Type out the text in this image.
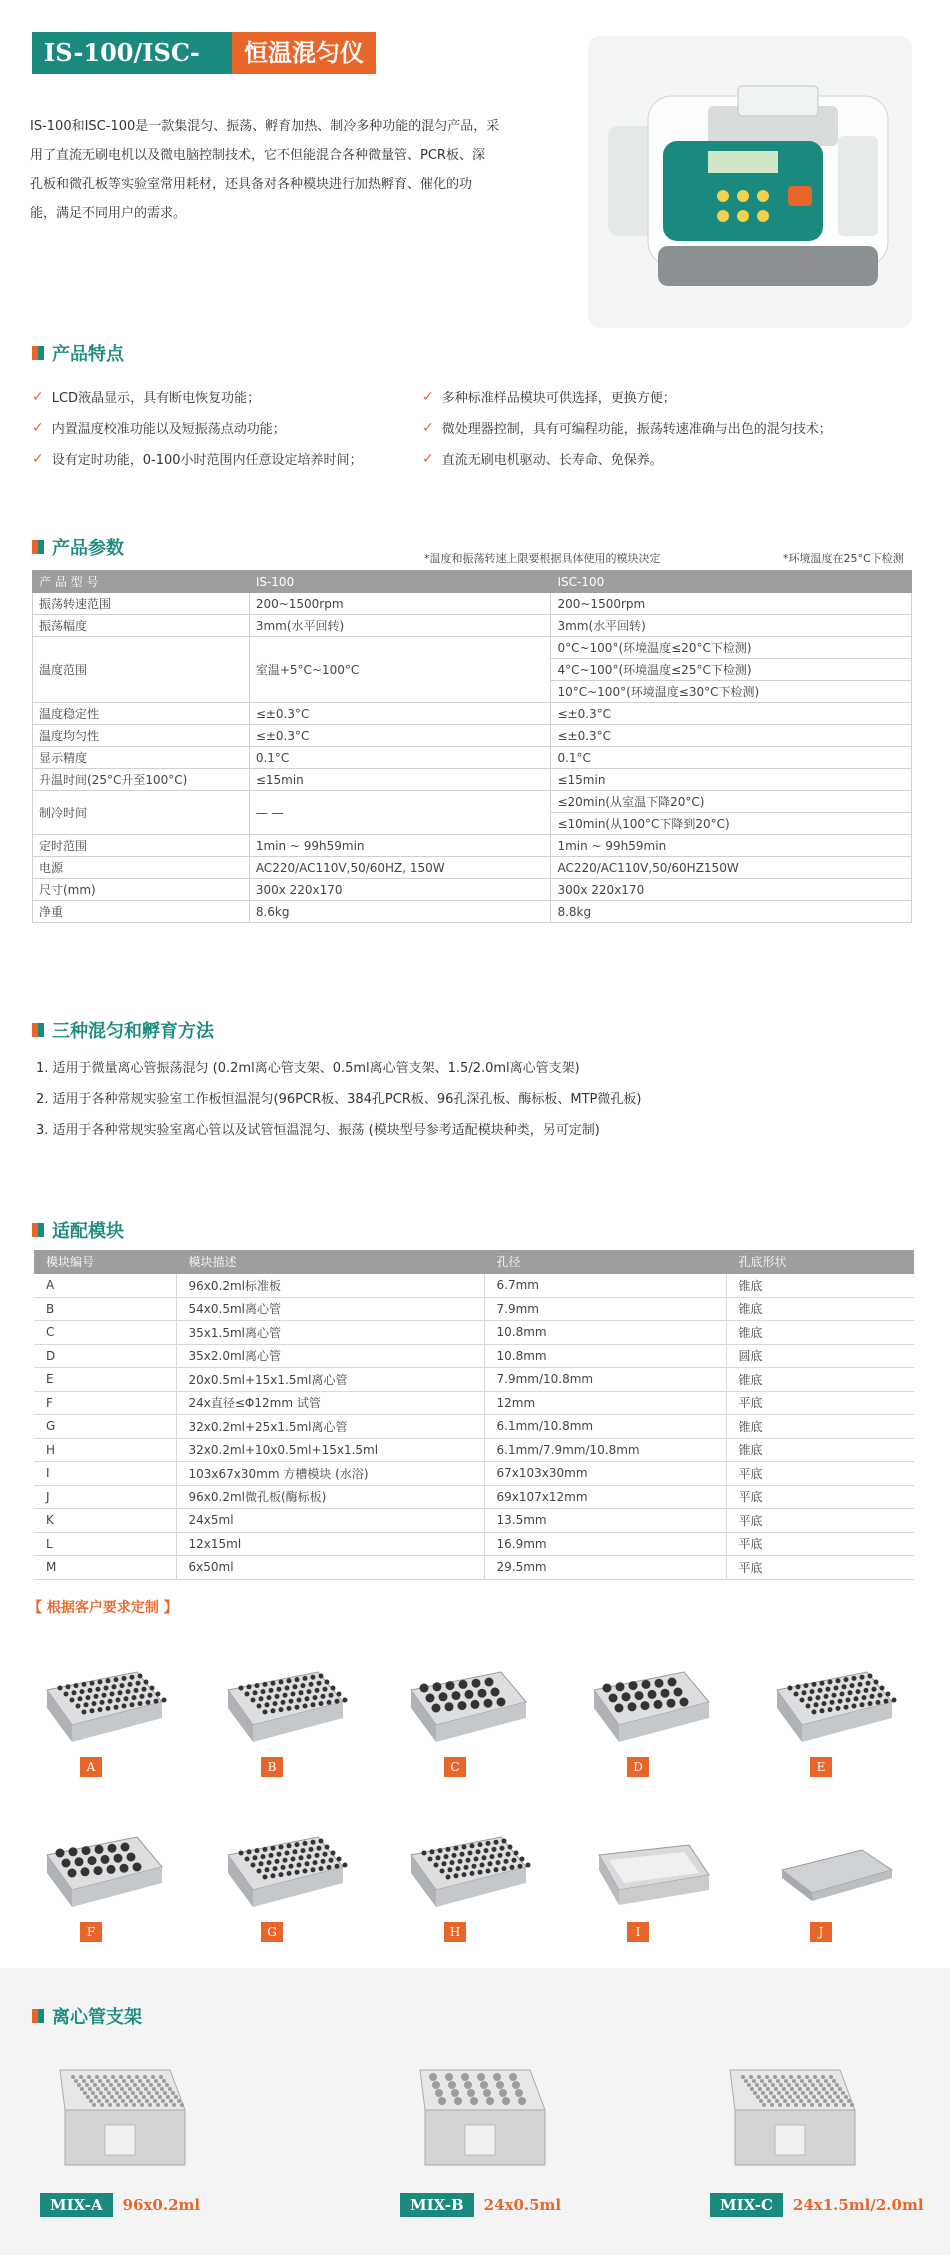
IS-100/ISC-100
恒温混匀仪
IS-100和ISC-100是一款集混匀、振荡、孵育加热、制冷多种功能的混匀产品，采
用了直流无刷电机以及微电脑控制技术，它不但能混合各种微量管、PCR板、深
孔板和微孔板等实验室常用耗材，还具备对各种模块进行加热孵育、催化的功
能，满足不同用户的需求。
产品特点
✓ LCD液晶显示，具有断电恢复功能；	✓ 多种标准样品模块可供选择，更换方便；
✓ 内置温度校准功能以及短振荡点动功能；	✓ 微处理器控制，具有可编程功能，振荡转速准确与出色的混匀技术；
✓ 设有定时功能，0-100小时范围内任意设定培养时间；	✓ 直流无刷电机驱动、长寿命、免保养。
产品参数	*温度和振荡转速上限要根据具体使用的模块决定	*环境温度在25°C下检测
产 品 型 号	IS-100	ISC-100
振荡转速范围	200~1500rpm	200~1500rpm
振荡幅度	3mm(水平回转)	3mm(水平回转)
温度范围	室温+5°C~100°C	0°C~100°(环境温度≤20°C下检测)
		4°C~100°(环境温度≤25°C下检测)
		10°C~100°(环境温度≤30°C下检测)
温度稳定性	≤±0.3°C	≤±0.3°C
温度均匀性	≤±0.3°C	≤±0.3°C
显示精度	0.1°C	0.1°C
升温时间(25°C升至100°C)	≤15min	≤15min
制冷时间	— —	≤20min(从室温下降20°C)
		≤10min(从100°C下降到20°C)
定时范围	1min ~ 99h59min	1min ~ 99h59min
电源	AC220/AC110V,50/60HZ, 150W	AC220/AC110V,50/60HZ150W
尺寸(mm)	300x 220x170	300x 220x170
净重	8.6kg	8.8kg
三种混匀和孵育方法
1. 适用于微量离心管振荡混匀 (0.2ml离心管支架、0.5ml离心管支架、1.5/2.0ml离心管支架)
2. 适用于各种常规实验室工作板恒温混匀(96PCR板、384孔PCR板、96孔深孔板、酶标板、MTP微孔板)
3. 适用于各种常规实验室离心管以及试管恒温混匀、振荡 (模块型号参考适配模块种类，另可定制)
适配模块
模块编号	模块描述	孔径	孔底形状
A	96x0.2ml标准板	6.7mm	锥底
B	54x0.5ml离心管	7.9mm	锥底
C	35x1.5ml离心管	10.8mm	锥底
D	35x2.0ml离心管	10.8mm	圆底
E	20x0.5ml+15x1.5ml离心管	7.9mm/10.8mm	锥底
F	24x直径≤Φ12mm 试管	12mm	平底
G	32x0.2ml+25x1.5ml离心管	6.1mm/10.8mm	锥底
H	32x0.2ml+10x0.5ml+15x1.5ml	6.1mm/7.9mm/10.8mm	锥底
I	103x67x30mm 方槽模块 (水浴)	67x103x30mm	平底
J	96x0.2ml微孔板(酶标板)	69x107x12mm	平底
K	24x5ml	13.5mm	平底
L	12x15ml	16.9mm	平底
M	6x50ml	29.5mm	平底
【 根据客户要求定制 】
A	B	C	D	E
F	G	H	I	J
离心管支架
MIX-A	96x0.2ml	MIX-B	24x0.5ml	MIX-C	24x1.5ml/2.0ml
